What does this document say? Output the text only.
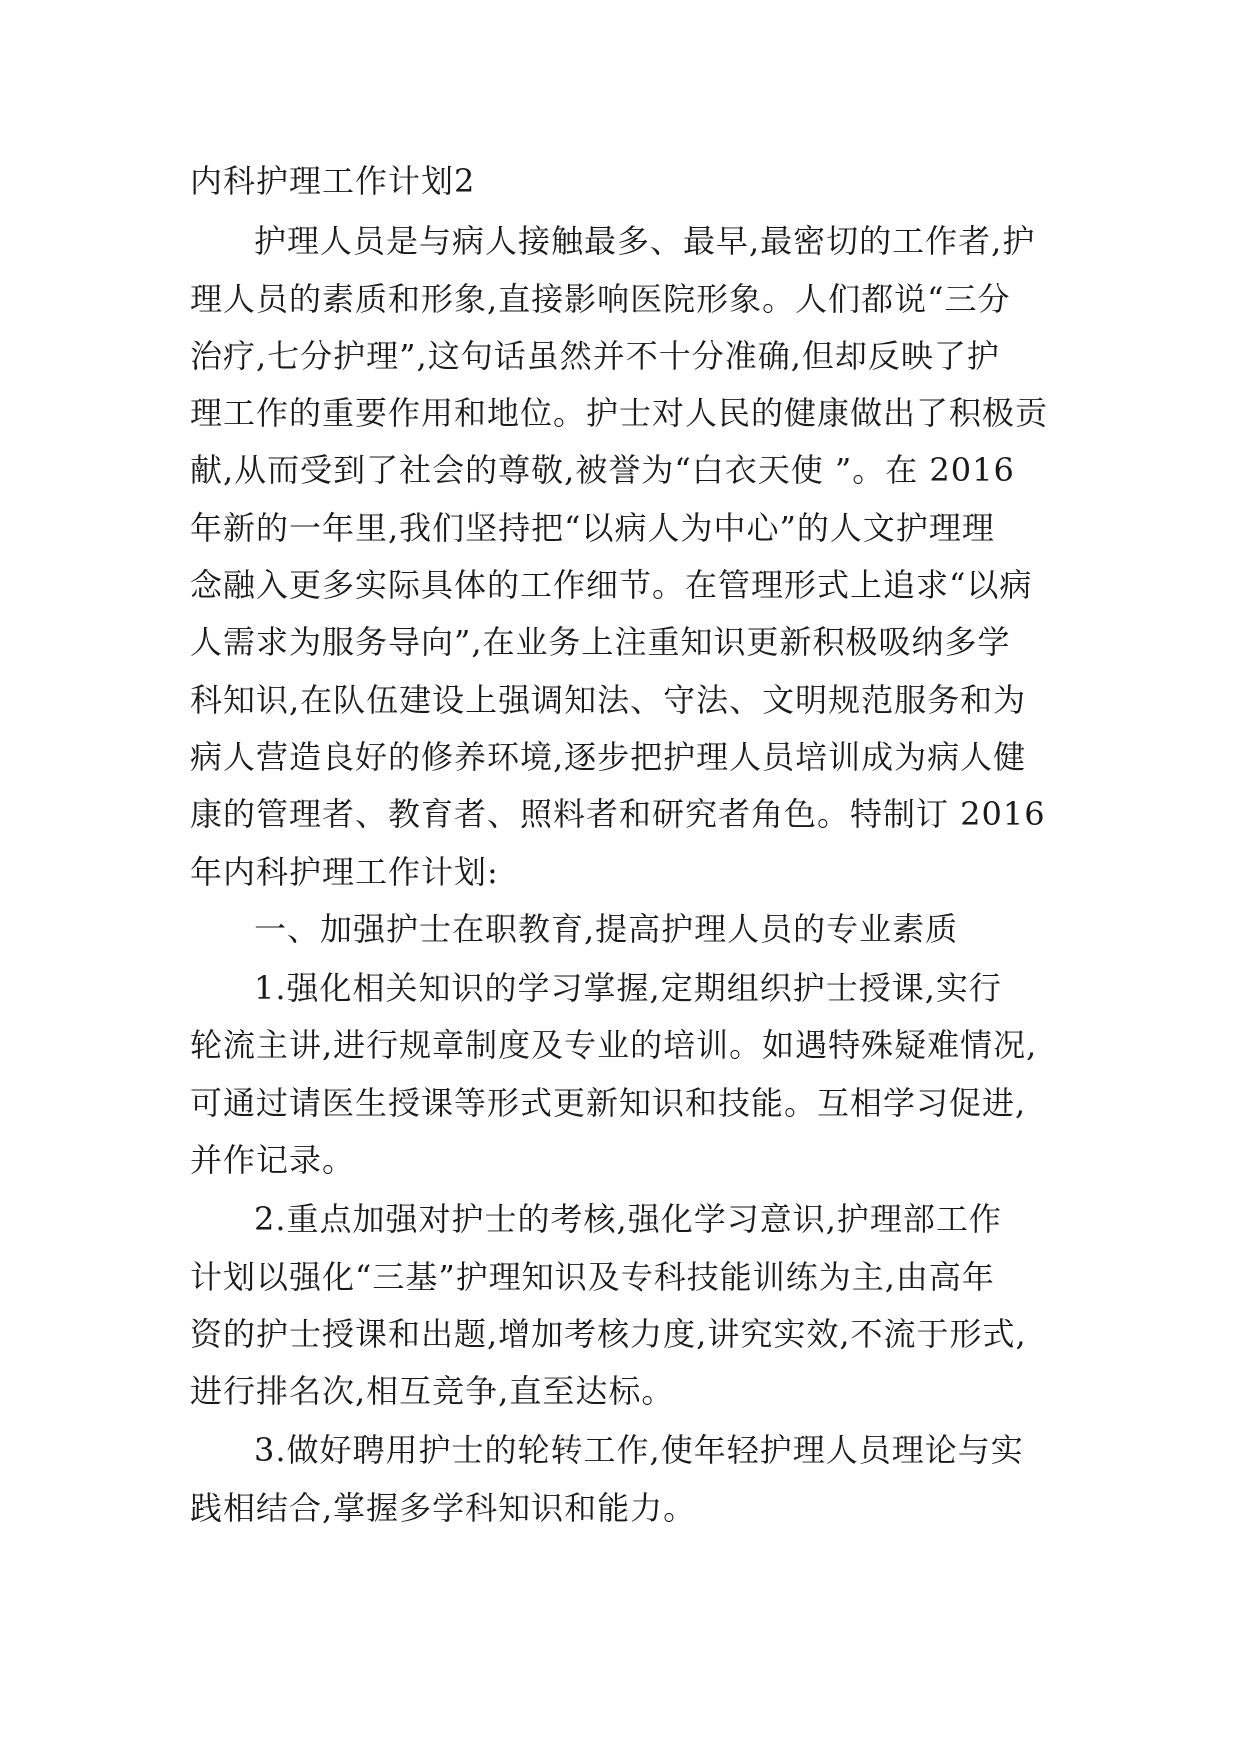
内科护理工作计划2
护理人员是与病人接触最多、最早,最密切的工作者,护
理人员的素质和形象,直接影响医院形象。人们都说“三分
治疗,七分护理”,这句话虽然并不十分准确,但却反映了护
理工作的重要作用和地位。护士对人民的健康做出了积极贡
献,从而受到了社会的尊敬,被誉为“白衣天使 ”。在 2016
年新的一年里,我们坚持把“以病人为中心”的人文护理理
念融入更多实际具体的工作细节。在管理形式上追求“以病
人需求为服务导向”,在业务上注重知识更新积极吸纳多学
科知识,在队伍建设上强调知法、守法、文明规范服务和为
病人营造良好的修养环境,逐步把护理人员培训成为病人健
康的管理者、教育者、照料者和研究者角色。特制订 2016
年内科护理工作计划:
一、加强护士在职教育,提高护理人员的专业素质
1.强化相关知识的学习掌握,定期组织护士授课,实行
轮流主讲,进行规章制度及专业的培训。如遇特殊疑难情况,
可通过请医生授课等形式更新知识和技能。互相学习促进,
并作记录。
2.重点加强对护士的考核,强化学习意识,护理部工作
计划以强化“三基”护理知识及专科技能训练为主,由高年
资的护士授课和出题,增加考核力度,讲究实效,不流于形式,
进行排名次,相互竞争,直至达标。
3.做好聘用护士的轮转工作,使年轻护理人员理论与实
践相结合,掌握多学科知识和能力。
